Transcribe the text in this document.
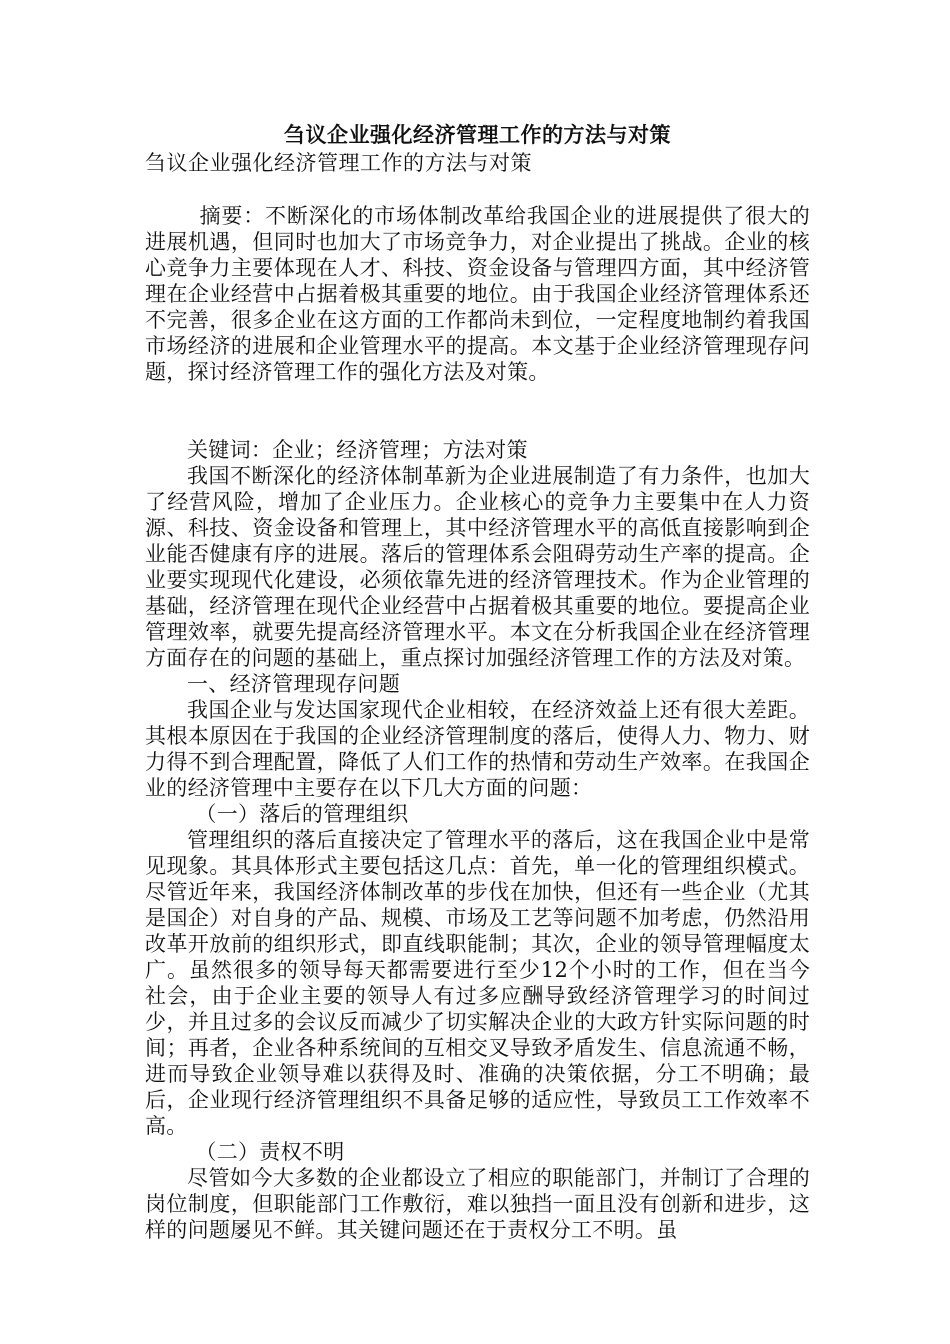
刍议企业强化经济管理工作的方法与对策

刍议企业强化经济管理工作的方法与对策

摘要：不断深化的市场体制改革给我国企业的进展提供了很大的进展机遇，但同时也加大了市场竞争力，对企业提出了挑战。企业的核心竞争力主要体现在人才、科技、资金设备与管理四方面，其中经济管理在企业经营中占据着极其重要的地位。由于我国企业经济管理体系还不完善，很多企业在这方面的工作都尚未到位，一定程度地制约着我国市场经济的进展和企业管理水平的提高。本文基于企业经济管理现存问题，探讨经济管理工作的强化方法及对策。

关键词：企业；经济管理；方法对策

我国不断深化的经济体制革新为企业进展制造了有力条件，也加大了经营风险，增加了企业压力。企业核心的竞争力主要集中在人力资源、科技、资金设备和管理上，其中经济管理水平的高低直接影响到企业能否健康有序的进展。落后的管理体系会阻碍劳动生产率的提高。企业要实现现代化建设，必须依靠先进的经济管理技术。作为企业管理的基础，经济管理在现代企业经营中占据着极其重要的地位。要提高企业管理效率，就要先提高经济管理水平。本文在分析我国企业在经济管理方面存在的问题的基础上，重点探讨加强经济管理工作的方法及对策。

一、经济管理现存问题

我国企业与发达国家现代企业相较，在经济效益上还有很大差距。其根本原因在于我国的企业经济管理制度的落后，使得人力、物力、财力得不到合理配置，降低了人们工作的热情和劳动生产效率。在我国企业的经济管理中主要存在以下几大方面的问题：

（一）落后的管理组织

管理组织的落后直接决定了管理水平的落后，这在我国企业中是常见现象。其具体形式主要包括这几点：首先，单一化的管理组织模式。尽管近年来，我国经济体制改革的步伐在加快，但还有一些企业（尤其是国企）对自身的产品、规模、市场及工艺等问题不加考虑，仍然沿用改革开放前的组织形式，即直线职能制；其次，企业的领导管理幅度太广。虽然很多的领导每天都需要进行至少12个小时的工作，但在当今社会，由于企业主要的领导人有过多应酬导致经济管理学习的时间过少，并且过多的会议反而减少了切实解决企业的大政方针实际问题的时间；再者，企业各种系统间的互相交叉导致矛盾发生、信息流通不畅，进而导致企业领导难以获得及时、准确的决策依据，分工不明确；最后，企业现行经济管理组织不具备足够的适应性，导致员工工作效率不高。

（二）责权不明

尽管如今大多数的企业都设立了相应的职能部门，并制订了合理的岗位制度，但职能部门工作敷衍，难以独挡一面且没有创新和进步，这样的问题屡见不鲜。其关键问题还在于责权分工不明。虽
